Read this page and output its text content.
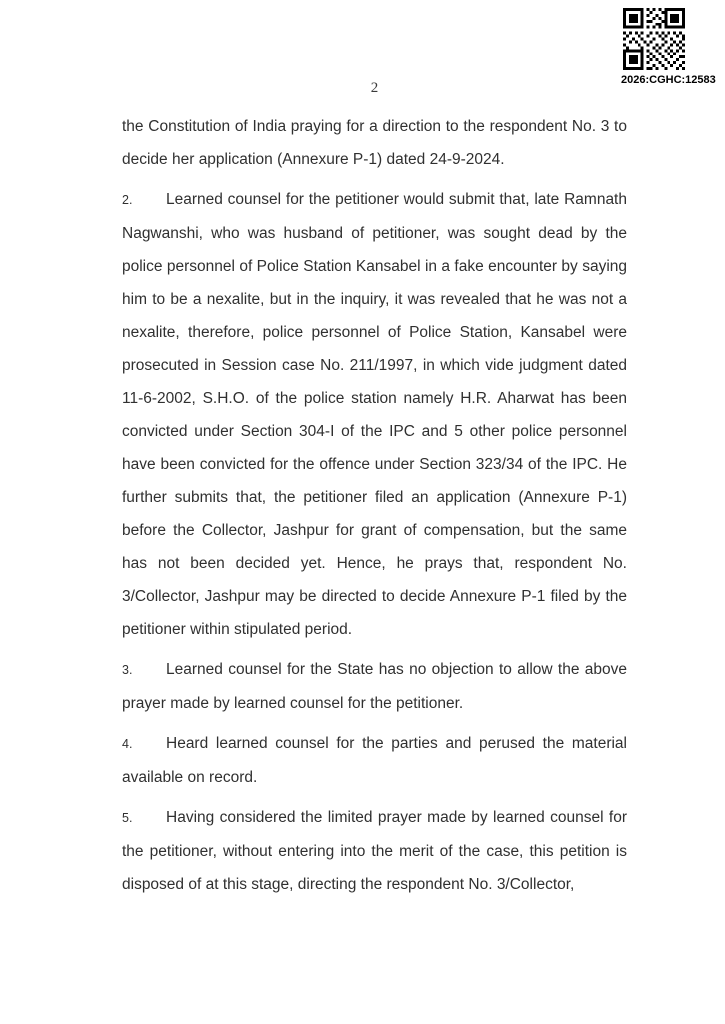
2026:CGHC:12583
2

the Constitution of India praying for a direction to the respondent No. 3 to decide her application (Annexure P-1) dated 24-9-2024.

2. Learned counsel for the petitioner would submit that, late Ramnath Nagwanshi, who was husband of petitioner, was sought dead by the police personnel of Police Station Kansabel in a fake encounter by saying him to be a nexalite, but in the inquiry, it was revealed that he was not a nexalite, therefore, police personnel of Police Station, Kansabel were prosecuted in Session case No. 211/1997, in which vide judgment dated 11-6-2002, S.H.O. of the police station namely H.R. Aharwat has been convicted under Section 304-I of the IPC and 5 other police personnel have been convicted for the offence under Section 323/34 of the IPC. He further submits that, the petitioner filed an application (Annexure P-1) before the Collector, Jashpur for grant of compensation, but the same has not been decided yet. Hence, he prays that, respondent No. 3/Collector, Jashpur may be directed to decide Annexure P-1 filed by the petitioner within stipulated period.

3. Learned counsel for the State has no objection to allow the above prayer made by learned counsel for the petitioner.

4. Heard learned counsel for the parties and perused the material available on record.

5. Having considered the limited prayer made by learned counsel for the petitioner, without entering into the merit of the case, this petition is disposed of at this stage, directing the respondent No. 3/Collector,
